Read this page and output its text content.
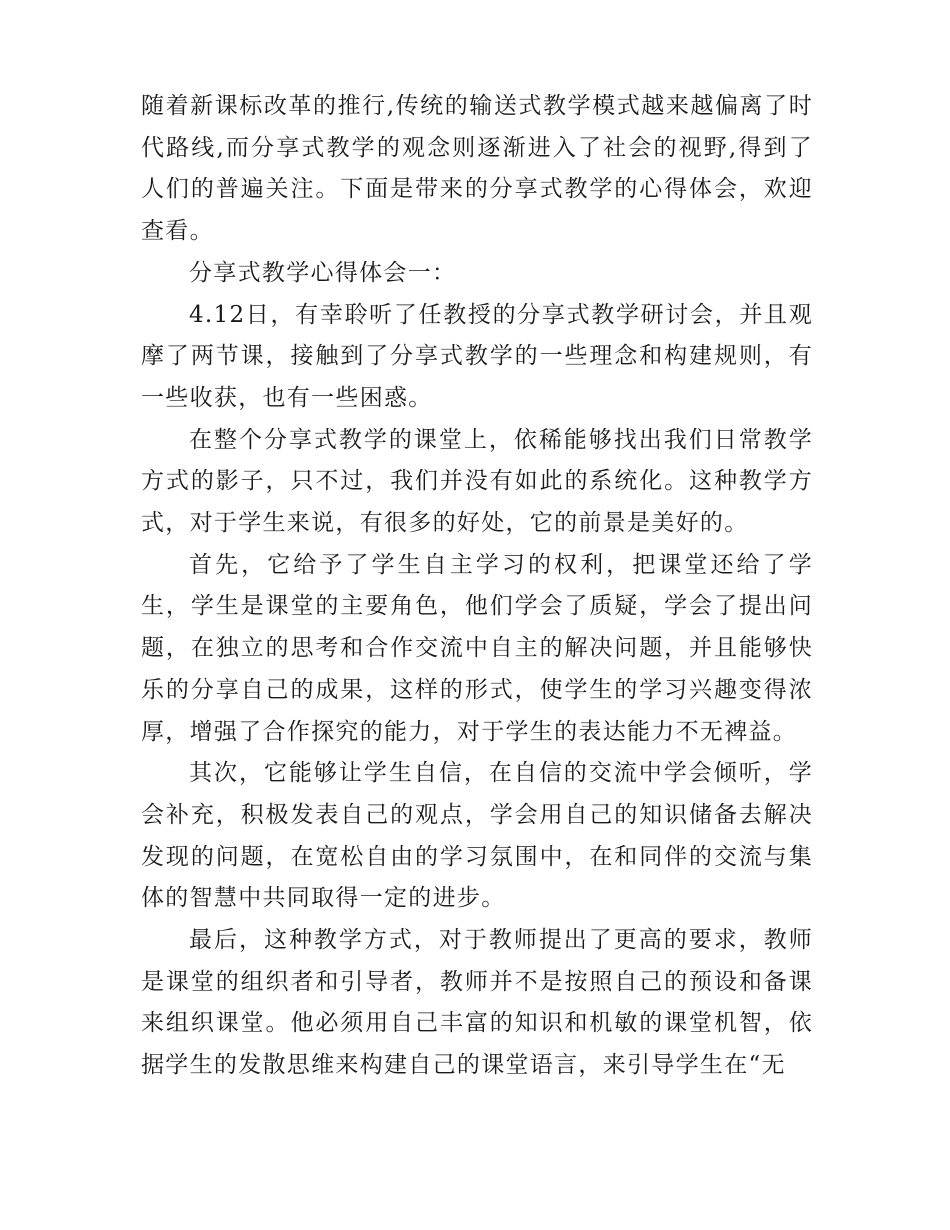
随着新课标改革的推行,传统的输送式教学模式越来越偏离了时代路线,而分享式教学的观念则逐渐进入了社会的视野,得到了人们的普遍关注。下面是带来的分享式教学的心得体会，欢迎查看。

分享式教学心得体会一：

4.12日，有幸聆听了任教授的分享式教学研讨会，并且观摩了两节课，接触到了分享式教学的一些理念和构建规则，有一些收获，也有一些困惑。

在整个分享式教学的课堂上，依稀能够找出我们日常教学方式的影子，只不过，我们并没有如此的系统化。这种教学方式，对于学生来说，有很多的好处，它的前景是美好的。

首先，它给予了学生自主学习的权利，把课堂还给了学生，学生是课堂的主要角色，他们学会了质疑，学会了提出问题，在独立的思考和合作交流中自主的解决问题，并且能够快乐的分享自己的成果，这样的形式，使学生的学习兴趣变得浓厚，增强了合作探究的能力，对于学生的表达能力不无裨益。

其次，它能够让学生自信，在自信的交流中学会倾听，学会补充，积极发表自己的观点，学会用自己的知识储备去解决发现的问题，在宽松自由的学习氛围中，在和同伴的交流与集体的智慧中共同取得一定的进步。

最后，这种教学方式，对于教师提出了更高的要求，教师是课堂的组织者和引导者，教师并不是按照自己的预设和备课来组织课堂。他必须用自己丰富的知识和机敏的课堂机智，依据学生的发散思维来构建自己的课堂语言，来引导学生在“无
